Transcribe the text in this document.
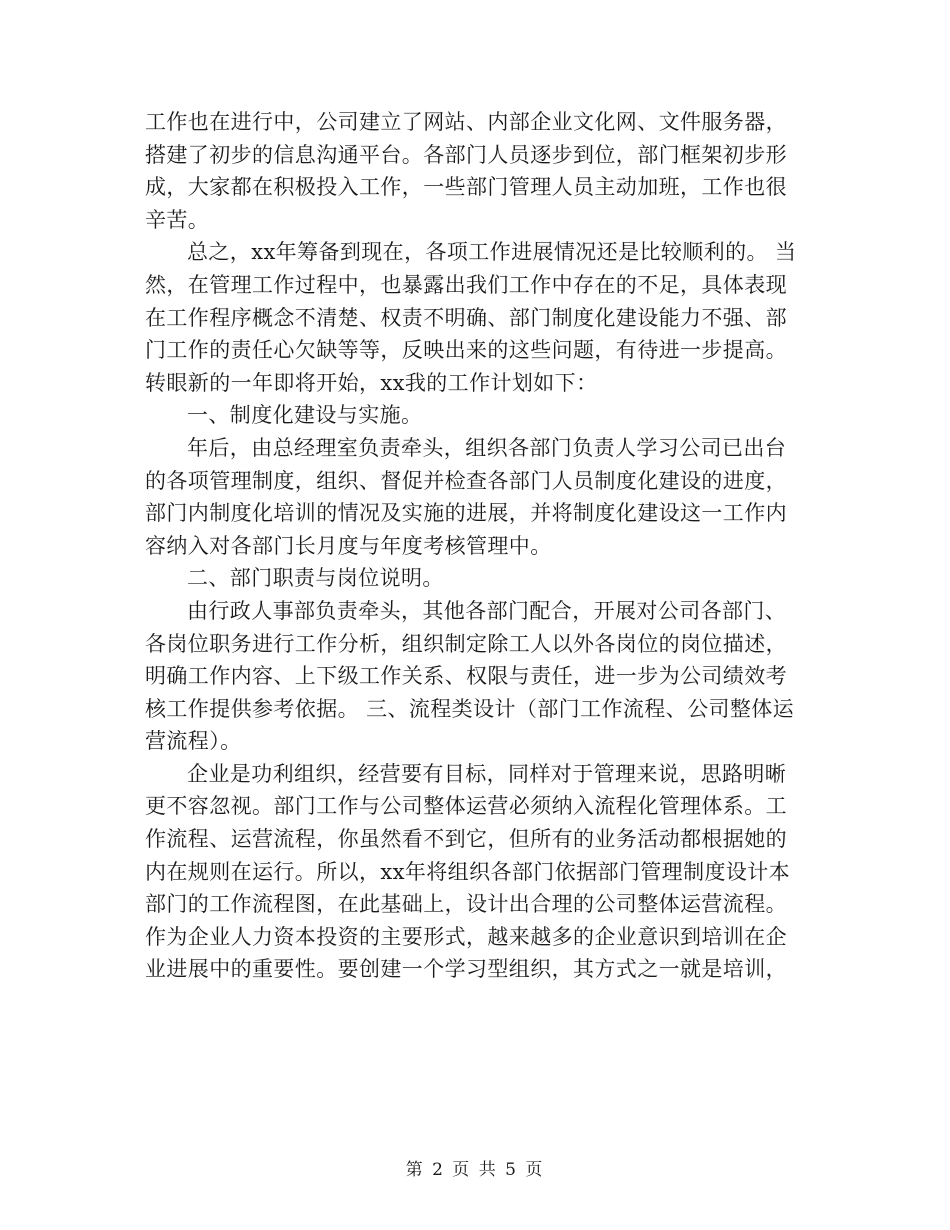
工作也在进行中，公司建立了网站、内部企业文化网、文件服务器，
搭建了初步的信息沟通平台。各部门人员逐步到位，部门框架初步形
成，大家都在积极投入工作，一些部门管理人员主动加班，工作也很
辛苦。
总之，xx年筹备到现在，各项工作进展情况还是比较顺利的。 当
然，在管理工作过程中，也暴露出我们工作中存在的不足，具体表现
在工作程序概念不清楚、权责不明确、部门制度化建设能力不强、部
门工作的责任心欠缺等等，反映出来的这些问题，有待进一步提高。
转眼新的一年即将开始，xx我的工作计划如下：
一、制度化建设与实施。
年后，由总经理室负责牵头，组织各部门负责人学习公司已出台
的各项管理制度，组织、督促并检查各部门人员制度化建设的进度，
部门内制度化培训的情况及实施的进展，并将制度化建设这一工作内
容纳入对各部门长月度与年度考核管理中。
二、部门职责与岗位说明。
由行政人事部负责牵头，其他各部门配合，开展对公司各部门、
各岗位职务进行工作分析，组织制定除工人以外各岗位的岗位描述，
明确工作内容、上下级工作关系、权限与责任，进一步为公司绩效考
核工作提供参考依据。 三、流程类设计（部门工作流程、公司整体运
营流程）。
企业是功利组织，经营要有目标，同样对于管理来说，思路明晰
更不容忽视。部门工作与公司整体运营必须纳入流程化管理体系。工
作流程、运营流程，你虽然看不到它，但所有的业务活动都根据她的
内在规则在运行。所以，xx年将组织各部门依据部门管理制度设计本
部门的工作流程图，在此基础上，设计出合理的公司整体运营流程。
作为企业人力资本投资的主要形式，越来越多的企业意识到培训在企
业进展中的重要性。要创建一个学习型组织，其方式之一就是培训，
第 2 页 共 5 页
